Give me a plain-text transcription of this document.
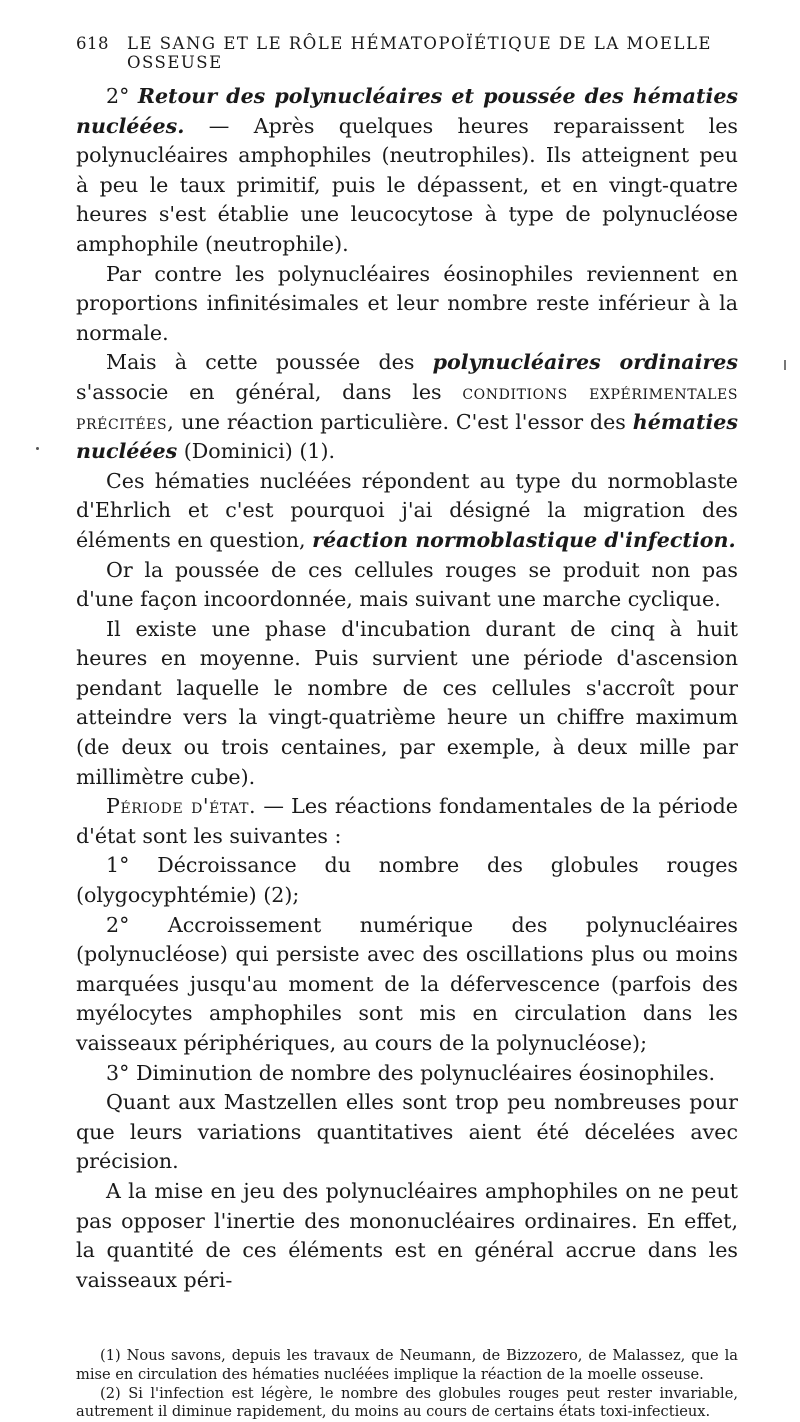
618 LE SANG ET LE RÔLE HÉMATOPOÏÉTIQUE DE LA MOELLE OSSEUSE

2° Retour des polynucléaires et poussée des hématies nucléées. — Après quelques heures reparaissent les polynucléaires amphophiles (neutrophiles). Ils atteignent peu à peu le taux primitif, puis le dépassent, et en vingt-quatre heures s'est établie une leucocytose à type de polynucléose amphophile (neutrophile).

Par contre les polynucléaires éosinophiles reviennent en proportions infinitésimales et leur nombre reste inférieur à la normale.

Mais à cette poussée des polynucléaires ordinaires s'associe en général, dans les conditions expérimentales précitées, une réaction particulière. C'est l'essor des hématies nucléées (Dominici) (1).

Ces hématies nucléées répondent au type du normoblaste d'Ehrlich et c'est pourquoi j'ai désigné la migration des éléments en question, réaction normoblastique d'infection.

Or la poussée de ces cellules rouges se produit non pas d'une façon incoordonnée, mais suivant une marche cyclique.

Il existe une phase d'incubation durant de cinq à huit heures en moyenne. Puis survient une période d'ascension pendant laquelle le nombre de ces cellules s'accroît pour atteindre vers la vingt-quatrième heure un chiffre maximum (de deux ou trois centaines, par exemple, à deux mille par millimètre cube).

Période d'état. — Les réactions fondamentales de la période d'état sont les suivantes :

1° Décroissance du nombre des globules rouges (olygocyphtémie) (2);

2° Accroissement numérique des polynucléaires (polynucléose) qui persiste avec des oscillations plus ou moins marquées jusqu'au moment de la défervescence (parfois des myélocytes amphophiles sont mis en circulation dans les vaisseaux périphériques, au cours de la polynucléose);

3° Diminution de nombre des polynucléaires éosinophiles.

Quant aux Mastzellen elles sont trop peu nombreuses pour que leurs variations quantitatives aient été décelées avec précision.

A la mise en jeu des polynucléaires amphophiles on ne peut pas opposer l'inertie des mononucléaires ordinaires. En effet, la quantité de ces éléments est en général accrue dans les vaisseaux péri-

(1) Nous savons, depuis les travaux de Neumann, de Bizzozero, de Malassez, que la mise en circulation des hématies nucléées implique la réaction de la moelle osseuse.

(2) Si l'infection est légère, le nombre des globules rouges peut rester invariable, autrement il diminue rapidement, du moins au cours de certains états toxi-infectieux.
